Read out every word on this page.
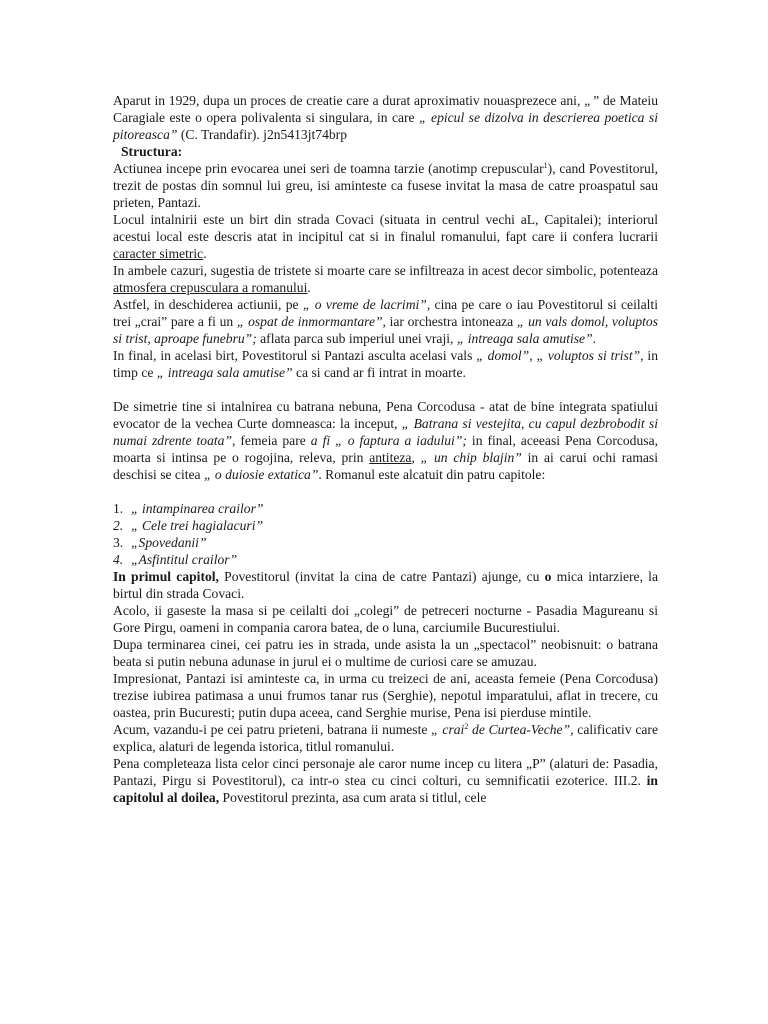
Aparut in 1929, dupa un proces de creatie care a durat aproximativ nouasprezece ani, „” de Mateiu Caragiale este o opera polivalenta si singulara, in care „ epicul se dizolva in descrierea poetica si pitoreasca” (C. Trandafir). j2n5413jt74brp

Structura:

Actiunea incepe prin evocarea unei seri de toamna tarzie (anotimp crepuscular$^1$), cand Povestitorul, trezit de postas din somnul lui greu, isi aminteste ca fusese invitat la masa de catre proaspatul sau prieten, Pantazi.

Locul intalnirii este un birt din strada Covaci (situata in centrul vechi aL, Capitalei); interiorul acestui local este descris atat in incipitul cat si in finalul romanului, fapt care ii confera lucrarii caracter simetric.

In ambele cazuri, sugestia de tristete si moarte care se infiltreaza in acest decor simbolic, potenteaza atmosfera crepusculara a romanului.

Astfel, in deschiderea actiunii, pe „ o vreme de lacrimi”, cina pe care o iau Povestitorul si ceilalti trei „crai” pare a fi un „ ospat de inmormantare”, iar orchestra intoneaza „ un vals domol, voluptos si trist, aproape funebru”; aflata parca sub imperiul unei vraji, „ intreaga sala amutise”.

In final, in acelasi birt, Povestitorul si Pantazi asculta acelasi vals „ domol”, „ voluptos si trist”, in timp ce „ intreaga sala amutise” ca si cand ar fi intrat in moarte.

De simetrie tine si intalnirea cu batrana nebuna, Pena Corcodusa - atat de bine integrata spatiului evocator de la vechea Curte domneasca: la inceput, „ Batrana si vestejita, cu capul dezbrobodit si numai zdrente toata”, femeia pare a fi „ o faptura a iadului”; in final, aceeasi Pena Corcodusa, moarta si intinsa pe o rogojina, releva, prin antiteza, „ un chip blajin” in ai carui ochi ramasi deschisi se citea „ o duiosie extatica”. Romanul este alcatuit din patru capitole:

1. „ intampinarea crailor”
2. „ Cele trei hagialacuri”
3. „Spovedanii”
4. „Asfintitul crailor”

In primul capitol, Povestitorul (invitat la cina de catre Pantazi) ajunge, cu o mica intarziere, la birtul din strada Covaci.

Acolo, ii gaseste la masa si pe ceilalti doi „colegi” de petreceri nocturne - Pasadia Magureanu si Gore Pirgu, oameni in compania carora batea, de o luna, carciumile Bucurestiului.

Dupa terminarea cinei, cei patru ies in strada, unde asista la un „spectacol” neobisnuit: o batrana beata si putin nebuna adunase in jurul ei o multime de curiosi care se amuzau.

Impresionat, Pantazi isi aminteste ca, in urma cu treizeci de ani, aceasta femeie (Pena Corcodusa) trezise iubirea patimasa a unui frumos tanar rus (Serghie), nepotul imparatului, aflat in trecere, cu oastea, prin Bucuresti; putin dupa aceea, cand Serghie murise, Pena isi pierduse mintile.

Acum, vazandu-i pe cei patru prieteni, batrana ii numeste „ crai$^2$ de Curtea-Veche”, calificativ care explica, alaturi de legenda istorica, titlul romanului.

Pena completeaza lista celor cinci personaje ale caror nume incep cu litera „P” (alaturi de: Pasadia, Pantazi, Pirgu si Povestitorul), ca intr-o stea cu cinci colturi, cu semnificatii ezoterice. III.2. in capitolul al doilea, Povestitorul prezinta, asa cum arata si titlul, cele
